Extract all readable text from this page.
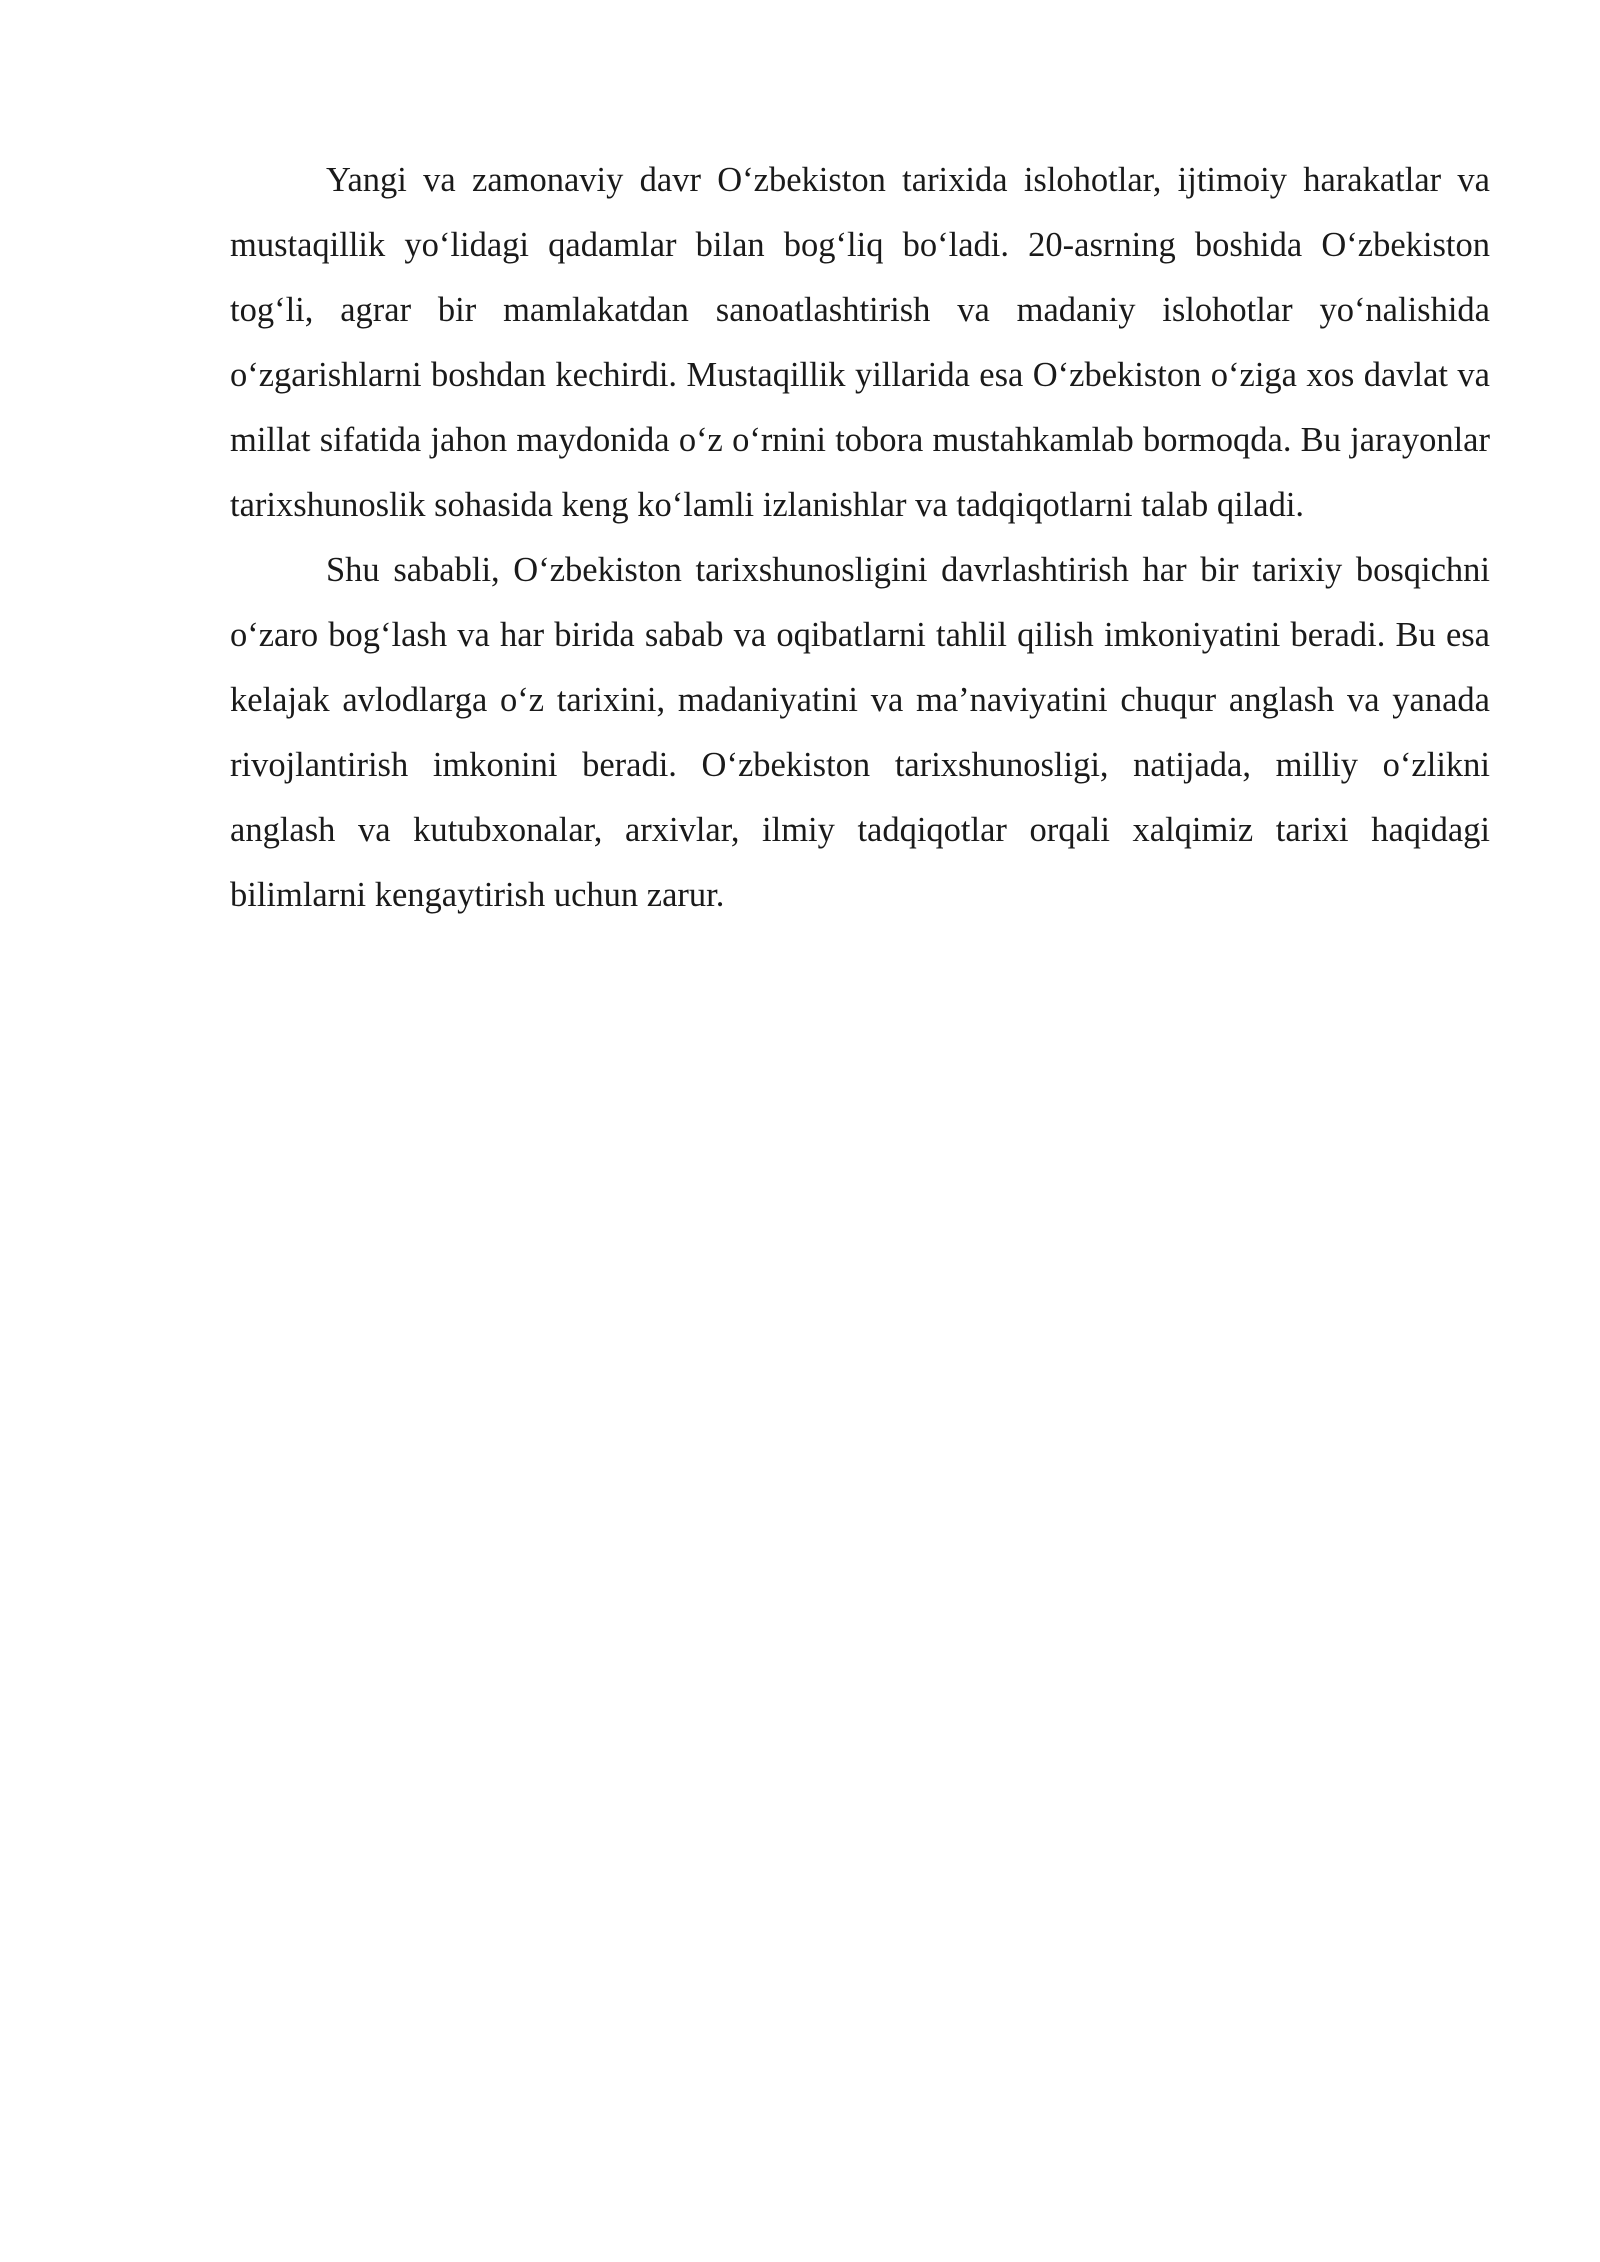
Yangi va zamonaviy davr O‘zbekiston tarixida islohotlar, ijtimoiy harakatlar va mustaqillik yo‘lidagi qadamlar bilan bog‘liq bo‘ladi. 20-asrning boshida O‘zbekiston tog‘li, agrar bir mamlakatdan sanoatlashtirish va madaniy islohotlar yo‘nalishida o‘zgarishlarni boshdan kechirdi. Mustaqillik yillarida esa O‘zbekiston o‘ziga xos davlat va millat sifatida jahon maydonida o‘z o‘rnini tobora mustahkamlab bormoqda. Bu jarayonlar tarixshunoslik sohasida keng ko‘lamli izlanishlar va tadqiqotlarni talab qiladi.

Shu sababli, O‘zbekiston tarixshunosligini davrlashtirish har bir tarixiy bosqichni o‘zaro bog‘lash va har birida sabab va oqibatlarni tahlil qilish imkoniyatini beradi. Bu esa kelajak avlodlarga o‘z tarixini, madaniyatini va ma’naviyatini chuqur anglash va yanada rivojlantirish imkonini beradi. O‘zbekiston tarixshunosligi, natijada, milliy o‘zlikni anglash va kutubxonalar, arxivlar, ilmiy tadqiqotlar orqali xalqimiz tarixi haqidagi bilimlarni kengaytirish uchun zarur.
